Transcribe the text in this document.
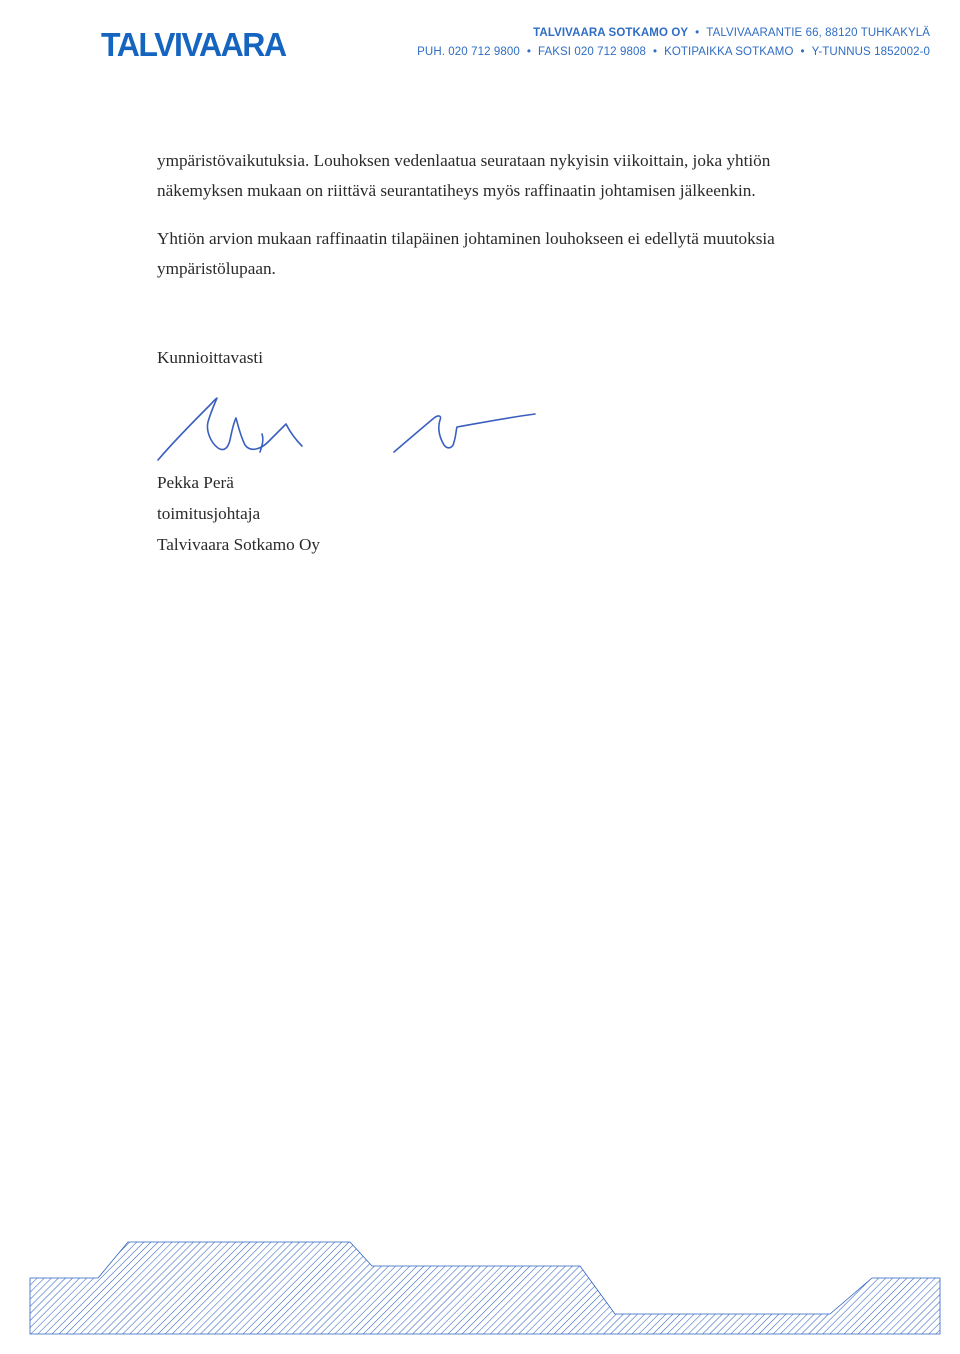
TALVIVAARA	TALVIVAARA SOTKAMO OY • TALVIVAARANTIE 66, 88120 TUHKAKYLÄ
PUH. 020 712 9800 • FAKSI 020 712 9808 • KOTIPAIKKA SOTKAMO • Y-TUNNUS 1852002-0

ympäristövaikutuksia. Louhoksen vedenlaatua seurataan nykyisin viikoittain, joka yhtiön

näkemyksen mukaan on riittävä seurantatiheys myös raffinaatin johtamisen jälkeenkin.

Yhtiön arvion mukaan raffinaatin tilapäinen johtaminen louhokseen ei edellytä muutoksia

ympäristölupaan.

Kunnioittavasti
Pekka Perä
toimitusjohtaja
Talvivaara Sotkamo Oy
